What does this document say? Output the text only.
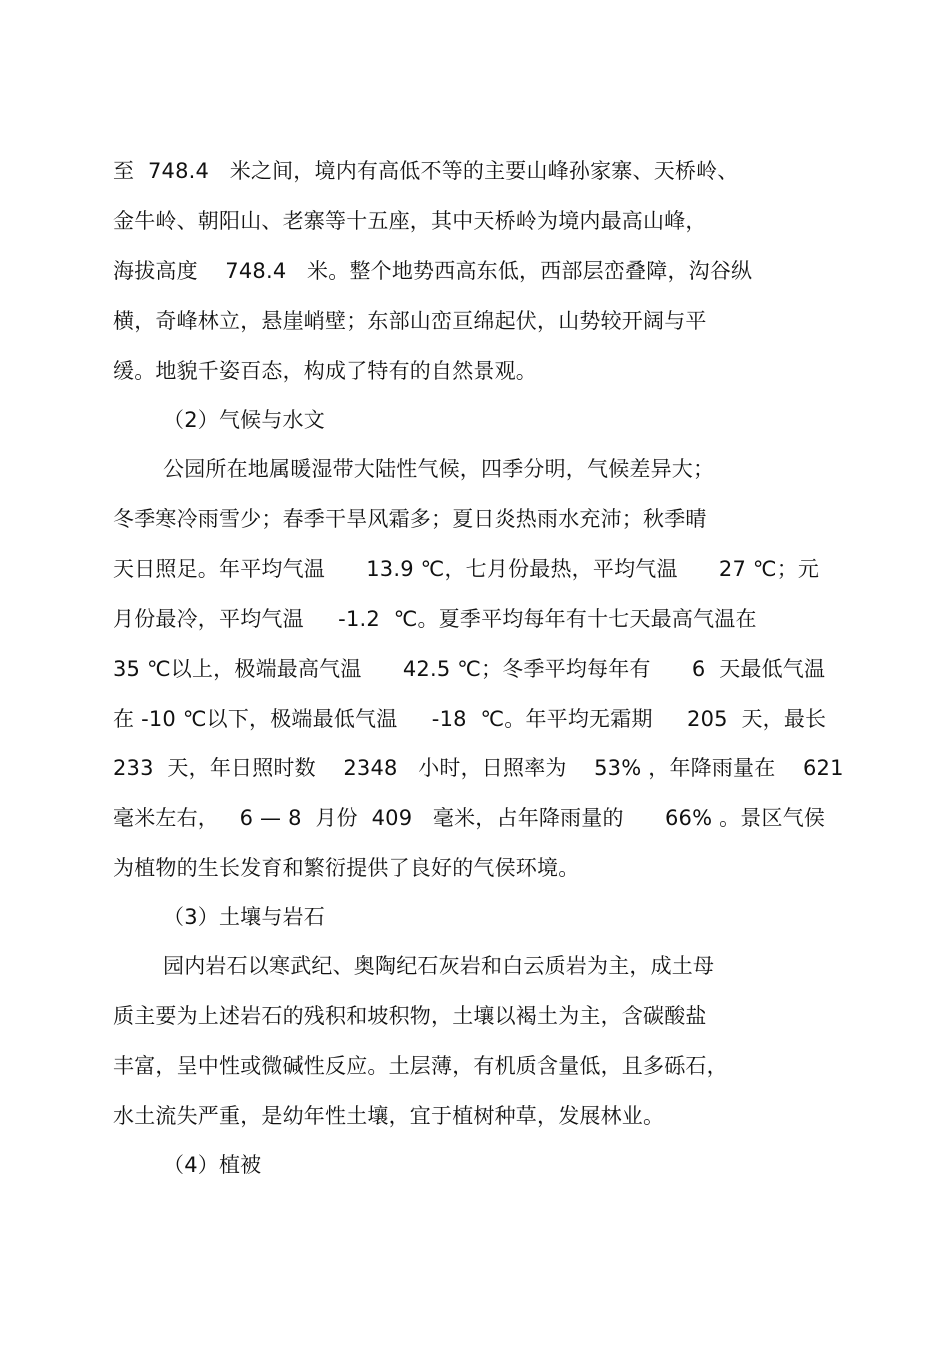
至  748.4   米之间，境内有高低不等的主要山峰孙家寨、天桥岭、
金牛岭、朝阳山、老寨等十五座，其中天桥岭为境内最高山峰，
海拔高度    748.4   米。整个地势西高东低，西部层峦叠障，沟谷纵
横，奇峰林立，悬崖峭壁；东部山峦亘绵起伏，山势较开阔与平
缓。地貌千姿百态，构成了特有的自然景观。
（2）气候与水文
公园所在地属暖湿带大陆性气候，四季分明，气候差异大；
冬季寒冷雨雪少；春季干旱风霜多；夏日炎热雨水充沛；秋季晴
天日照足。年平均气温      13.9 ℃，七月份最热，平均气温      27 ℃；元
月份最冷，平均气温     -1.2  ℃。夏季平均每年有十七天最高气温在
35 ℃以上，极端最高气温      42.5 ℃；冬季平均每年有      6  天最低气温
在 -10 ℃以下，极端最低气温     -18  ℃。年平均无霜期     205  天，最长
233  天，年日照时数    2348   小时，日照率为    53% ，年降雨量在    621
毫米左右，   6 — 8  月份  409   毫米，占年降雨量的      66% 。景区气侯
为植物的生长发育和繁衍提供了良好的气侯环境。
（3）土壤与岩石
园内岩石以寒武纪、奥陶纪石灰岩和白云质岩为主，成土母
质主要为上述岩石的残积和坡积物，土壤以褐土为主，含碳酸盐
丰富，呈中性或微碱性反应。土层薄，有机质含量低，且多砾石，
水土流失严重，是幼年性土壤，宜于植树种草，发展林业。
（4）植被
